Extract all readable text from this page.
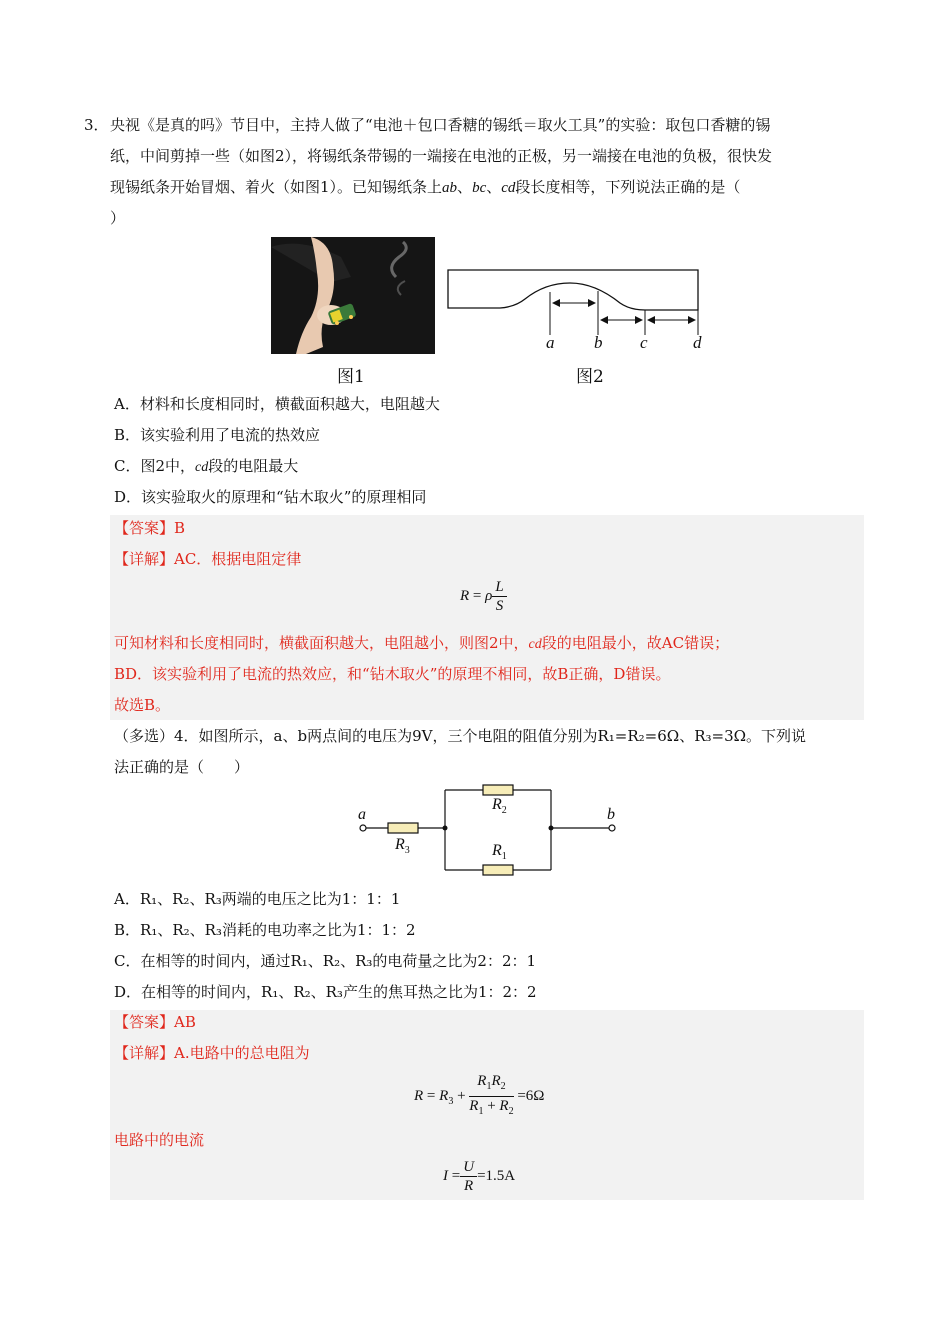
3． 央视《是真的吗》节目中，主持人做了“电池＋包口香糖的锡纸＝取火工具”的实验：取包口香糖的锡
纸，中间剪掉一些（如图2），将锡纸条带锡的一端接在电池的正极，另一端接在电池的负极，很快发
现锡纸条开始冒烟、着火（如图1）。已知锡纸条上ab、bc、cd段长度相等，下列说法正确的是（
）
图1
a b c	d
图2
A．材料和长度相同时，横截面积越大，电阻越大
B．该实验利用了电流的热效应
C．图2中，cd段的电阻最大
D．该实验取火的原理和“钻木取火”的原理相同
【答案】B
【详解】AC．根据电阻定律
R = ρ $\frac{L}{S}$
可知材料和长度相同时，横截面积越大，电阻越小，则图2中，cd段的电阻最小，故AC错误；
BD．该实验利用了电流的热效应，和“钻木取火”的原理不相同，故B正确，D错误。
故选B。
（多选）4．如图所示，a、b两点间的电压为9V，三个电阻的阻值分别为R₁=R₂=6Ω、R₃=3Ω。下列说
法正确的是（　　）
a	b
$R_3$
$R_2$
$R_1$
A．R₁、R₂、R₃两端的电压之比为1：1：1
B．R₁、R₂、R₃消耗的电功率之比为1：1：2
C．在相等的时间内，通过R₁、R₂、R₃的电荷量之比为2：2：1
D．在相等的时间内，R₁、R₂、R₃产生的焦耳热之比为1：2：2
【答案】AB
【详解】A.电路中的总电阻为
$R = R_3 + \frac{R_1R_2}{R_1 + R_2} =6\Omega$
电路中的电流
$I = \frac{U}{R} =1.5A$
